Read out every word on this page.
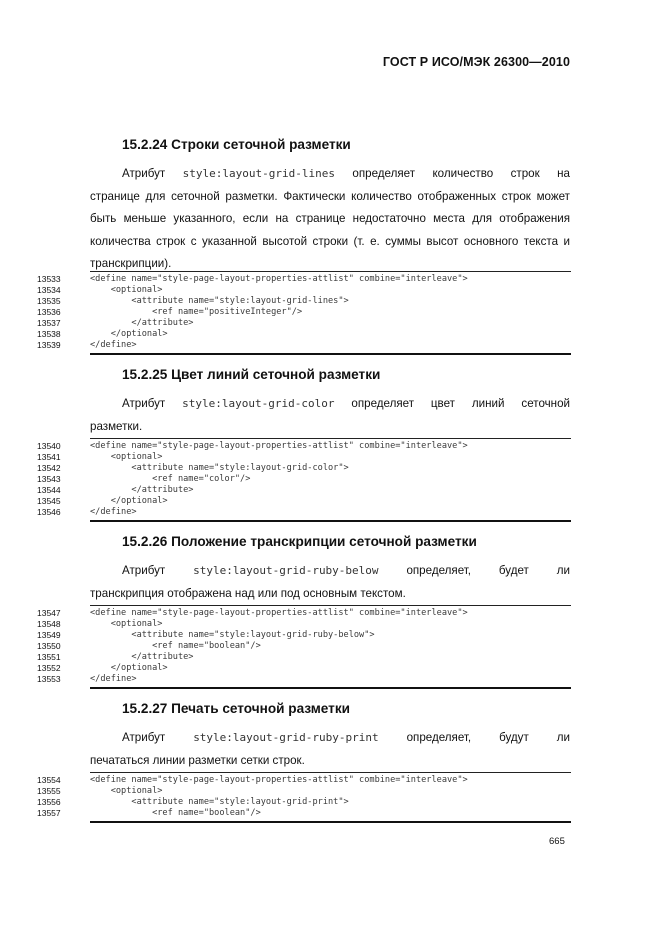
ГОСТ Р ИСО/МЭК 26300—2010
15.2.24 Строки сеточной разметки
Атрибут style:layout-grid-lines определяет количество строк на
странице для сеточной разметки. Фактически количество отображенных строк может быть меньше указанного, если на странице недостаточно места для отображения количества строк с указанной высотой строки (т. е. суммы высот основного текста и транскрипции).
13533	<define name="style-page-layout-properties-attlist" combine="interleave">
13534	<optional>
13535	<attribute name="style:layout-grid-lines">
13536	<ref name="positiveInteger"/>
13537	</attribute>
13538	</optional>
13539	</define>
15.2.25 Цвет линий сеточной разметки
Атрибут style:layout-grid-color определяет цвет линий сеточной
разметки.
13540	<define name="style-page-layout-properties-attlist" combine="interleave">
13541	<optional>
13542	<attribute name="style:layout-grid-color">
13543	<ref name="color"/>
13544	</attribute>
13545	</optional>
13546	</define>
15.2.26 Положение транскрипции сеточной разметки
Атрибут style:layout-grid-ruby-below определяет, будет ли
транскрипция отображена над или под основным текстом.
13547	<define name="style-page-layout-properties-attlist" combine="interleave">
13548	<optional>
13549	<attribute name="style:layout-grid-ruby-below">
13550	<ref name="boolean"/>
13551	</attribute>
13552	</optional>
13553	</define>
15.2.27 Печать сеточной разметки
Атрибут style:layout-grid-ruby-print определяет, будут ли
печататься линии разметки сетки строк.
13554	<define name="style-page-layout-properties-attlist" combine="interleave">
13555	<optional>
13556	<attribute name="style:layout-grid-print">
13557	<ref name="boolean"/>
665
